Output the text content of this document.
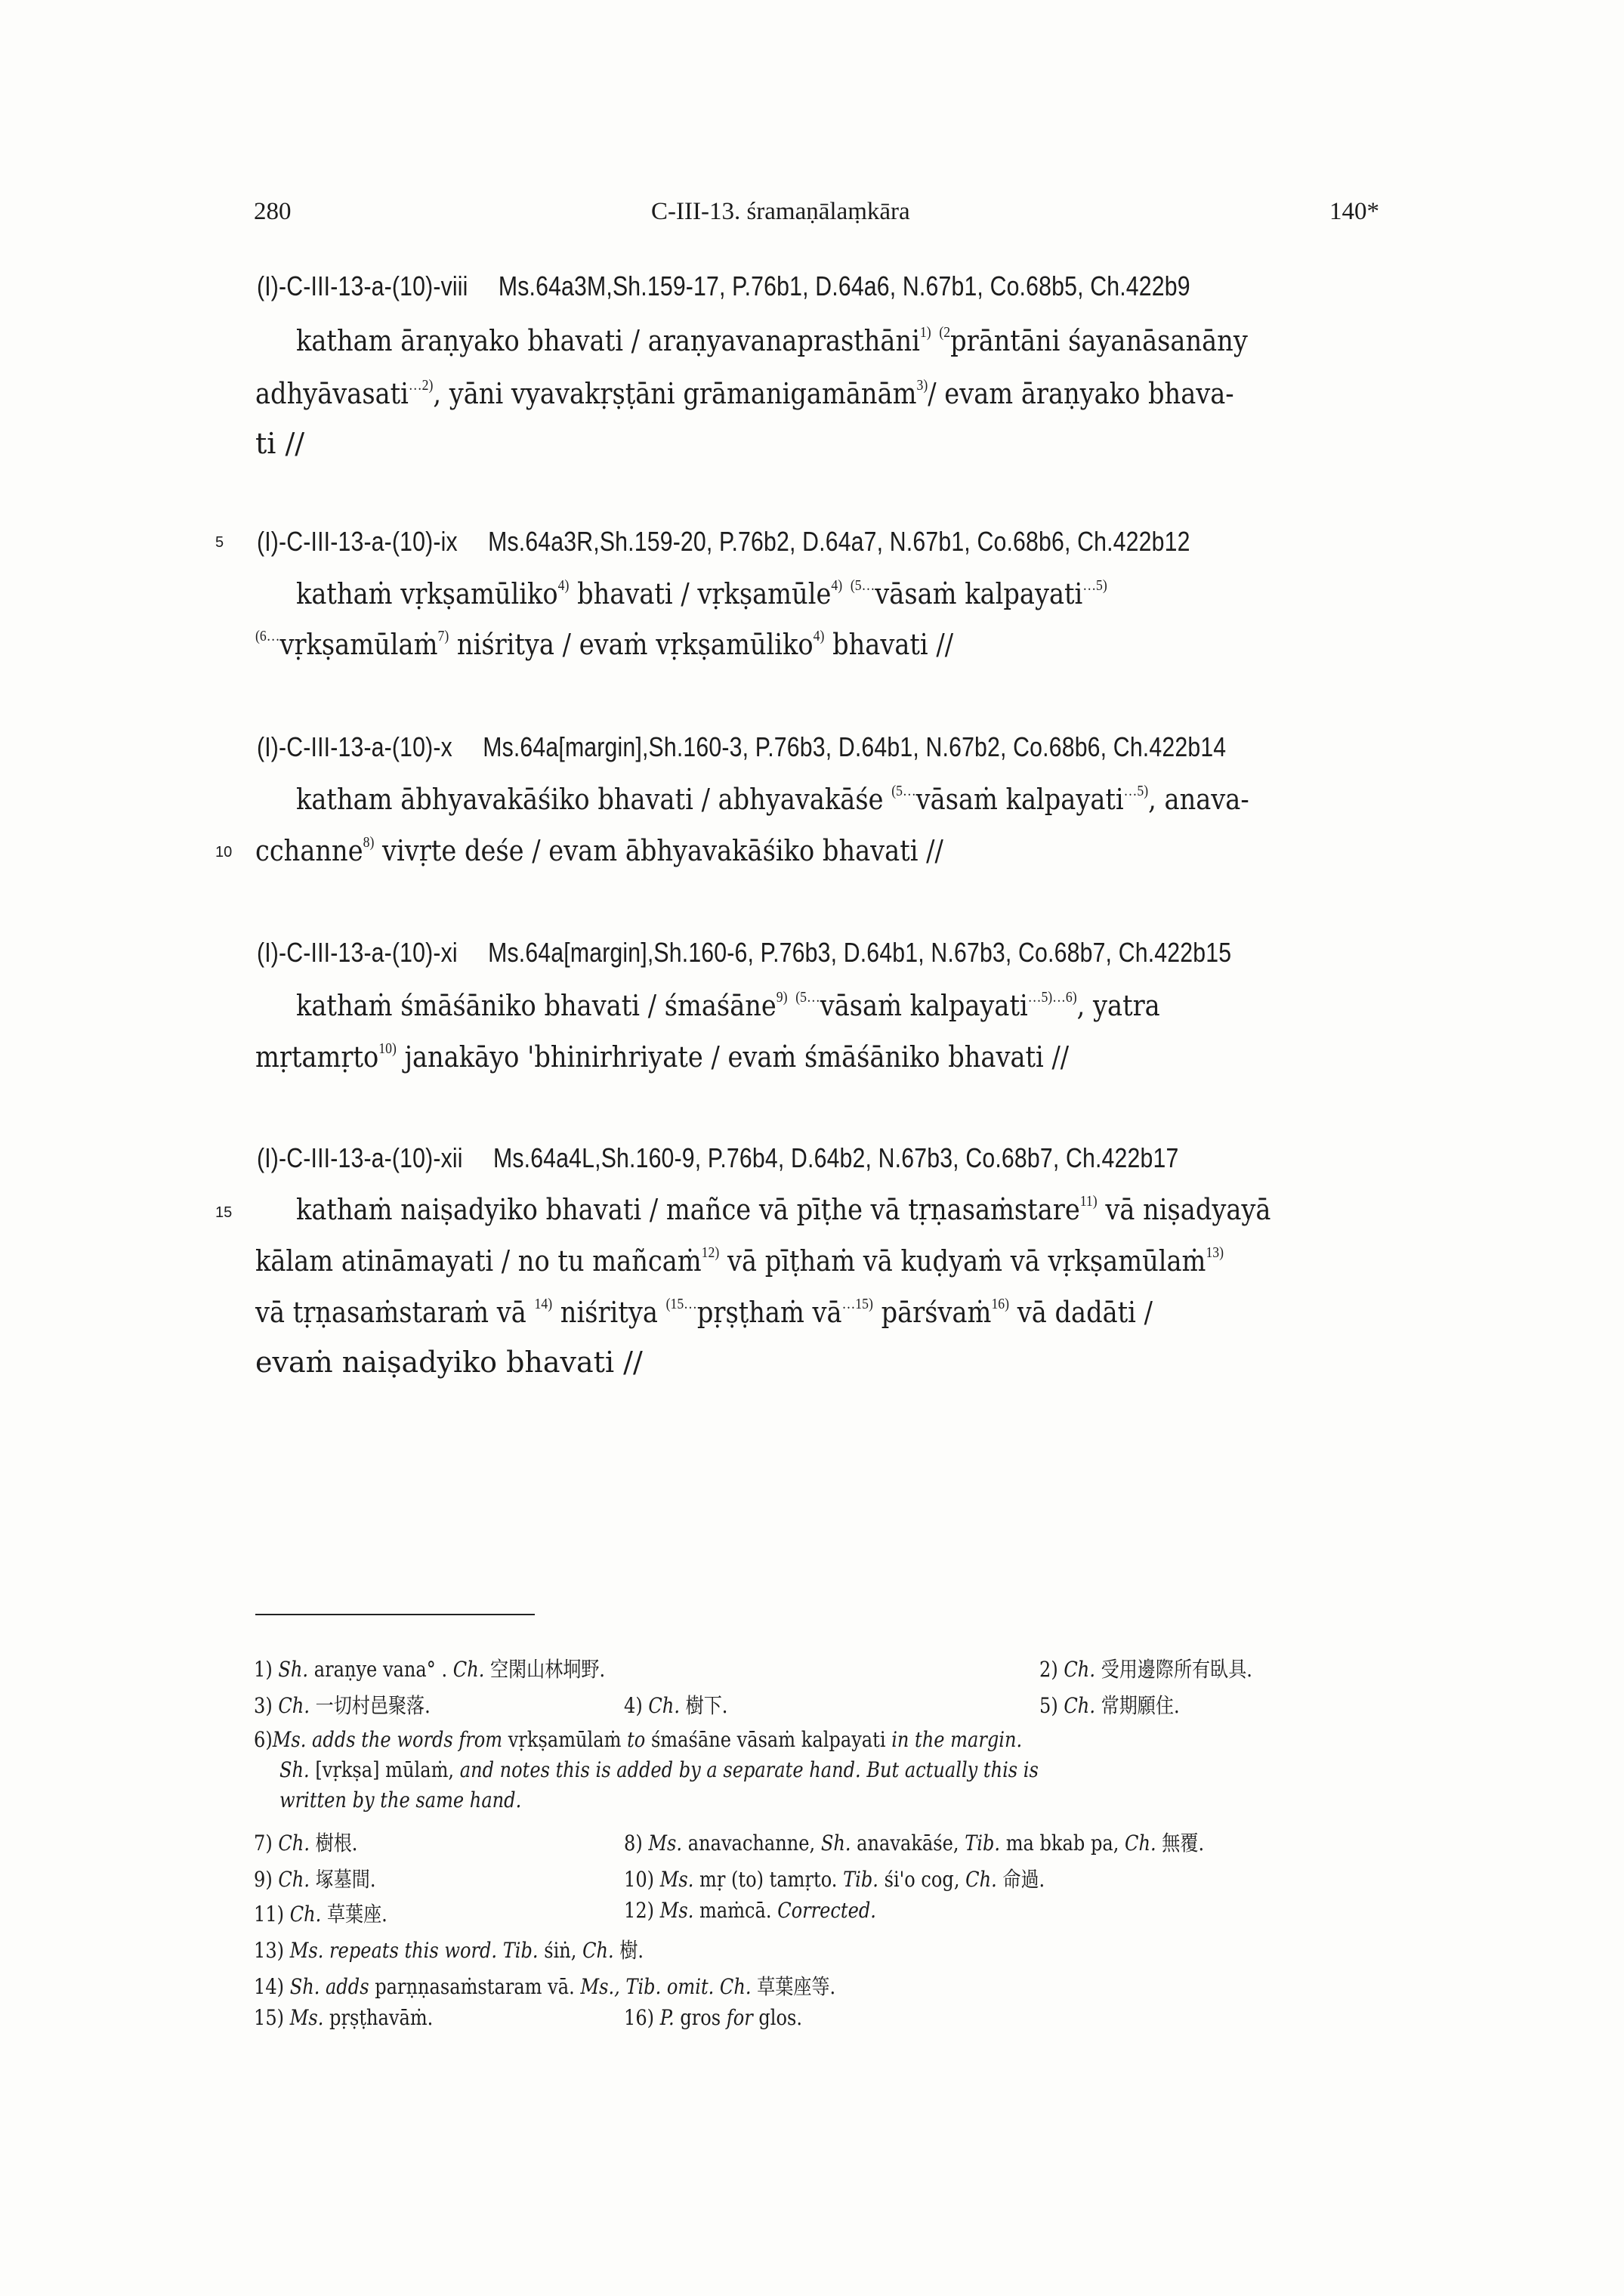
280	C-III-13. śramaṇālaṃkāra	140*
5
10
15
(I)-C-III-13-a-(10)-viii Ms.64a3M,Sh.159-17, P.76b1, D.64a6, N.67b1, Co.68b5, Ch.422b9
katham āraṇyako bhavati / araṇyavanaprasthāni$^{1)}$ $^{(2}$prāntāni śayanāsanāny
adhyāvasati$^{\dots 2)}$, yāni vyavakṛṣṭāni grāmanigamānām$^{3)}$/ evam āraṇyako bhava-
ti //
(I)-C-III-13-a-(10)-ix Ms.64a3R,Sh.159-20, P.76b2, D.64a7, N.67b1, Co.68b6, Ch.422b12
kathaṁ vṛkṣamūliko$^{4)}$ bhavati / vṛkṣamūle$^{4)}$ $^{(5\dots}$vāsaṁ kalpayati$^{\dots 5)}$
$^{(6\dots}$vṛkṣamūlaṁ$^{7)}$ niśritya / evaṁ vṛkṣamūliko$^{4)}$ bhavati //
(I)-C-III-13-a-(10)-x Ms.64a[margin],Sh.160-3, P.76b3, D.64b1, N.67b2, Co.68b6, Ch.422b14
katham ābhyavakāśiko bhavati / abhyavakāśe $^{(5\dots}$vāsaṁ kalpayati$^{\dots 5)}$, anava-
cchanne$^{8)}$ vivṛte deśe / evam ābhyavakāśiko bhavati //
(I)-C-III-13-a-(10)-xi Ms.64a[margin],Sh.160-6, P.76b3, D.64b1, N.67b3, Co.68b7, Ch.422b15
kathaṁ śmāśāniko bhavati / śmaśāne$^{9)}$ $^{(5\dots}$vāsaṁ kalpayati$^{\dots 5)\dots 6)}$, yatra
mṛtamṛto$^{10)}$ janakāyo 'bhinirhriyate / evaṁ śmāśāniko bhavati //
(I)-C-III-13-a-(10)-xii Ms.64a4L,Sh.160-9, P.76b4, D.64b2, N.67b3, Co.68b7, Ch.422b17
kathaṁ naiṣadyiko bhavati / mañce vā pīṭhe vā tṛṇasaṁstare$^{11)}$ vā niṣadyayā
kālam atināmayati / no tu mañcaṁ$^{12)}$ vā pīṭhaṁ vā kuḍyaṁ vā vṛkṣamūlaṁ$^{13)}$
vā tṛṇasaṁstaraṁ vā $^{14)}$ niśritya $^{(15\dots}$pṛṣṭhaṁ $vā^{\dots 15)}$ pārśvaṁ$^{16)}$ vā dadāti /
evaṁ naiṣadyiko bhavati //
1) Sh. araṇye vana° . Ch. 空閑山林坰野.	2) Ch. 受用邊際所有臥具.
3) Ch. 一切村邑聚落.	4) Ch. 樹下.	5) Ch. 常期願住.
6)Ms. adds the words from vṛkṣamūlaṁ to śmaśāne vāsaṁ kalpayati in the margin.
Sh. [vṛkṣa] mūlaṁ, and notes this is added by a separate hand. But actually this is
written by the same hand.
7) Ch. 樹根.	8) Ms. anavachanne, Sh. anavakāśe, Tib. ma bkab pa, Ch. 無覆.
9) Ch. 塚墓間.	10) Ms. mṛ (to) tamṛto. Tib. śi'o cog, Ch. 命過.
11) Ch. 草葉座.	12) Ms. maṁcā. Corrected.
13) Ms. repeats this word. Tib. śiṅ, Ch. 樹.
14) Sh. adds parṇṇasaṁstaram vā. Ms., Tib. omit. Ch. 草葉座等.
15) Ms. pṛṣṭhavāṁ.	16) P. gros for glos.
